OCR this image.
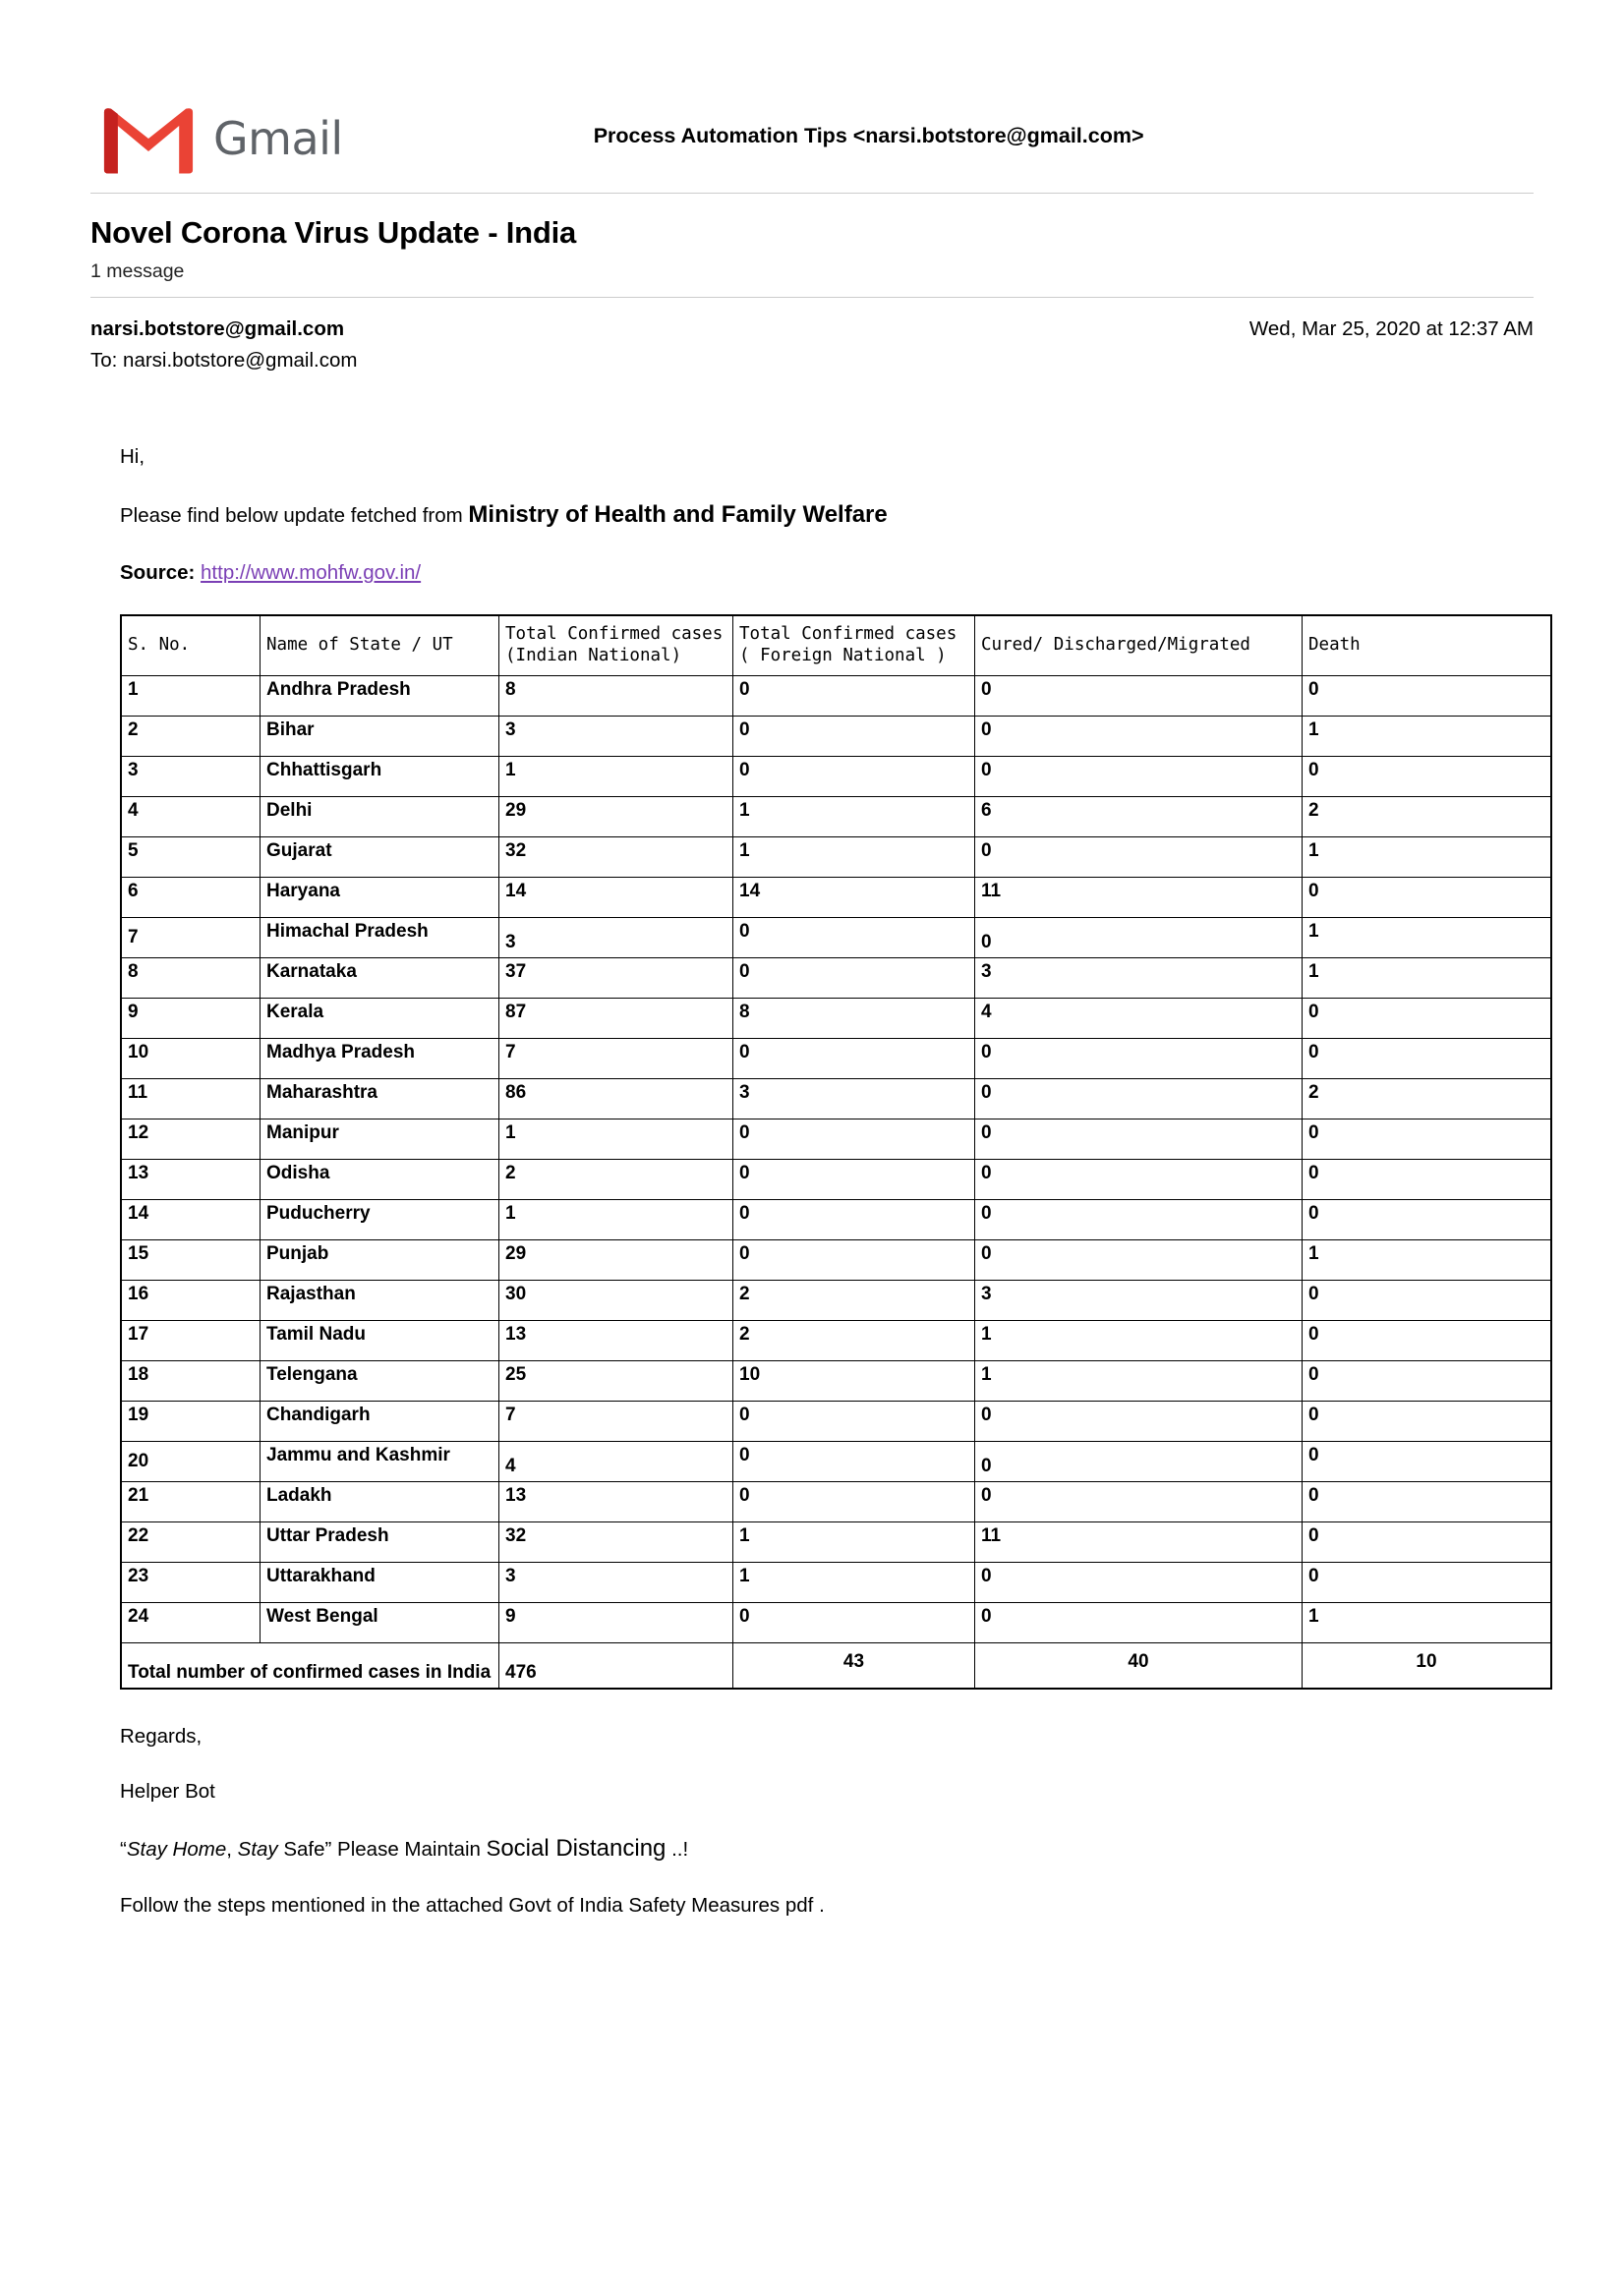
Gmail	Process Automation Tips <narsi.botstore@gmail.com>
Novel Corona Virus Update - India
1 message
narsi.botstore@gmail.com	Wed, Mar 25, 2020 at 12:37 AM
To: narsi.botstore@gmail.com
Hi,
Please find below update fetched from Ministry of Health and Family Welfare
Source: http://www.mohfw.gov.in/
S. No.	Name of State / UT	Total Confirmed cases (Indian National)	Total Confirmed cases ( Foreign National )	Cured/ Discharged/Migrated	Death
1	Andhra Pradesh	8	0	0	0
2	Bihar	3	0	0	1
3	Chhattisgarh	1	0	0	0
4	Delhi	29	1	6	2
5	Gujarat	32	1	0	1
6	Haryana	14	14	11	0
7	Himachal Pradesh	3	0	0	1
8	Karnataka	37	0	3	1
9	Kerala	87	8	4	0
10	Madhya Pradesh	7	0	0	0
11	Maharashtra	86	3	0	2
12	Manipur	1	0	0	0
13	Odisha	2	0	0	0
14	Puducherry	1	0	0	0
15	Punjab	29	0	0	1
16	Rajasthan	30	2	3	0
17	Tamil Nadu	13	2	1	0
18	Telengana	25	10	1	0
19	Chandigarh	7	0	0	0
20	Jammu and Kashmir	4	0	0	0
21	Ladakh	13	0	0	0
22	Uttar Pradesh	32	1	11	0
23	Uttarakhand	3	1	0	0
24	West Bengal	9	0	0	1
Total number of confirmed cases in India		476	43	40	10
Regards,
Helper Bot
“Stay Home, Stay Safe” Please Maintain Social Distancing ..!
Follow the steps mentioned in the attached Govt of India Safety Measures pdf .
